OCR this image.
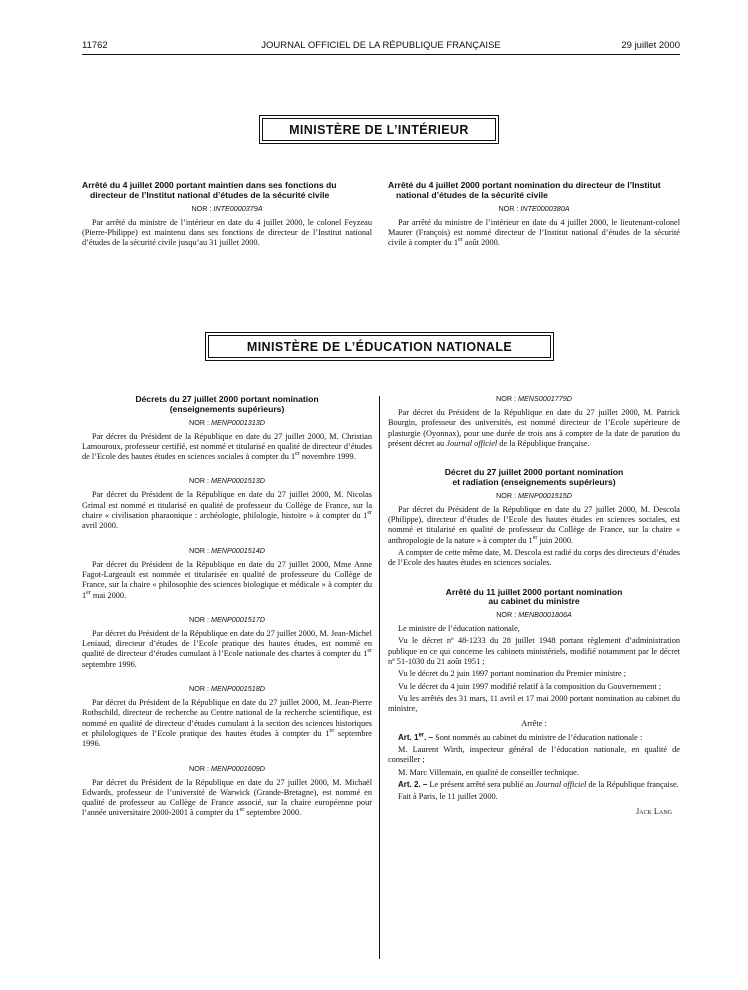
11762	JOURNAL OFFICIEL DE LA RÉPUBLIQUE FRANÇAISE	29 juillet 2000
MINISTÈRE DE L’INTÉRIEUR

Arrêté du 4 juillet 2000 portant maintien dans ses fonctions du directeur de l’Institut national d’études de la sécurité civile

NOR : INTE0000379A

Par arrêté du ministre de l’intérieur en date du 4 juillet 2000, le colonel Feyzeau (Pierre-Philippe) est maintenu dans ses fonctions de directeur de l’Institut national d’études de la sécurité civile jusqu’au 31 juillet 2000.

Arrêté du 4 juillet 2000 portant nomination du directeur de l’Institut national d’études de la sécurité civile

NOR : INTE0000380A

Par arrêté du ministre de l’intérieur en date du 4 juillet 2000, le lieutenant-colonel Maurer (François) est nommé directeur de l’Institut national d’études de la sécurité civile à compter du 1er août 2000.

MINISTÈRE DE L’ÉDUCATION NATIONALE

Décrets du 27 juillet 2000 portant nomination

(enseignements supérieurs)

NOR : MENP0001313D

Par décret du Président de la République en date du 27 juillet 2000, M. Christian Lamouroux, professeur certifié, est nommé et titularisé en qualité de directeur d’études de l’Ecole des hautes études en sciences sociales à compter du 1er novembre 1999.

NOR : MENP0001513D

Par décret du Président de la République en date du 27 juillet 2000, M. Nicolas Grimal est nommé et titularisé en qualité de professeur du Collège de France, sur la chaire « civilisation pharaonique : archéologie, philologie, histoire » à compter du 1er avril 2000.

NOR : MENP0001514D

Par décret du Président de la République en date du 27 juillet 2000, Mme Anne Fagot-Largeault est nommée et titularisée en qualité de professeure du Collège de France, sur la chaire « philosophie des sciences biologique et médicale » à compter du 1er mai 2000.

NOR : MENP0001517D

Par décret du Président de la République en date du 27 juillet 2000, M. Jean-Michel Leniaud, directeur d’études de l’Ecole pratique des hautes études, est nommé en qualité de directeur d’études cumulant à l’Ecole nationale des chartes à compter du 1er septembre 1996.

NOR : MENP0001518D

Par décret du Président de la République en date du 27 juillet 2000, M. Jean-Pierre Rothschild, directeur de recherche au Centre national de la recherche scientifique, est nommé en qualité de directeur d’études cumulant à la section des sciences historiques et philologiques de l’Ecole pratique des hautes études à compter du 1er septembre 1996.

NOR : MENP0001609D

Par décret du Président de la République en date du 27 juillet 2000, M. Michaël Edwards, professeur de l’université de Warwick (Grande-Bretagne), est nommé en qualité de professeur au Collège de France associé, sur la chaire européenne pour l’année universitaire 2000-2001 à compter du 1er septembre 2000.

NOR : MENS0001779D

Par décret du Président de la République en date du 27 juillet 2000, M. Patrick Bourgin, professeur des universités, est nommé directeur de l’Ecole supérieure de plasturgie (Oyonnax), pour une durée de trois ans à compter de la date de parution du présent décret au Journal officiel de la République française.

Décret du 27 juillet 2000 portant nomination

et radiation (enseignements supérieurs)

NOR : MENP0001515D

Par décret du Président de la République en date du 27 juillet 2000, M. Descola (Philippe), directeur d’études de l’Ecole des hautes études en sciences sociales, est nommé et titularisé en qualité de professeur du Collège de France, sur la chaire « anthropologie de la nature » à compter du 1er juin 2000.

A compter de cette même date, M. Descola est radié du corps des directeurs d’études de l’Ecole des hautes études en sciences sociales.

Arrêté du 11 juillet 2000 portant nomination

au cabinet du ministre

NOR : MENB0001806A

Le ministre de l’éducation nationale,

Vu le décret nº 48-1233 du 28 juillet 1948 portant règlement d’administration publique en ce qui concerne les cabinets ministériels, modifié notamment par le décret nº 51-1030 du 21 août 1951 ;

Vu le décret du 2 juin 1997 portant nomination du Premier ministre ;

Vu le décret du 4 juin 1997 modifié relatif à la composition du Gouvernement ;

Vu les arrêtés des 31 mars, 11 avril et 17 mai 2000 portant nomination au cabinet du ministre,

Arrête :

Art. 1er. – Sont nommés au cabinet du ministre de l’éducation nationale :

M. Laurent Wirth, inspecteur général de l’éducation nationale, en qualité de conseiller ;

M. Marc Villemain, en qualité de conseiller technique.

Art. 2. – Le présent arrêté sera publié au Journal officiel de la République française.

Fait à Paris, le 11 juillet 2000.

Jack Lang
